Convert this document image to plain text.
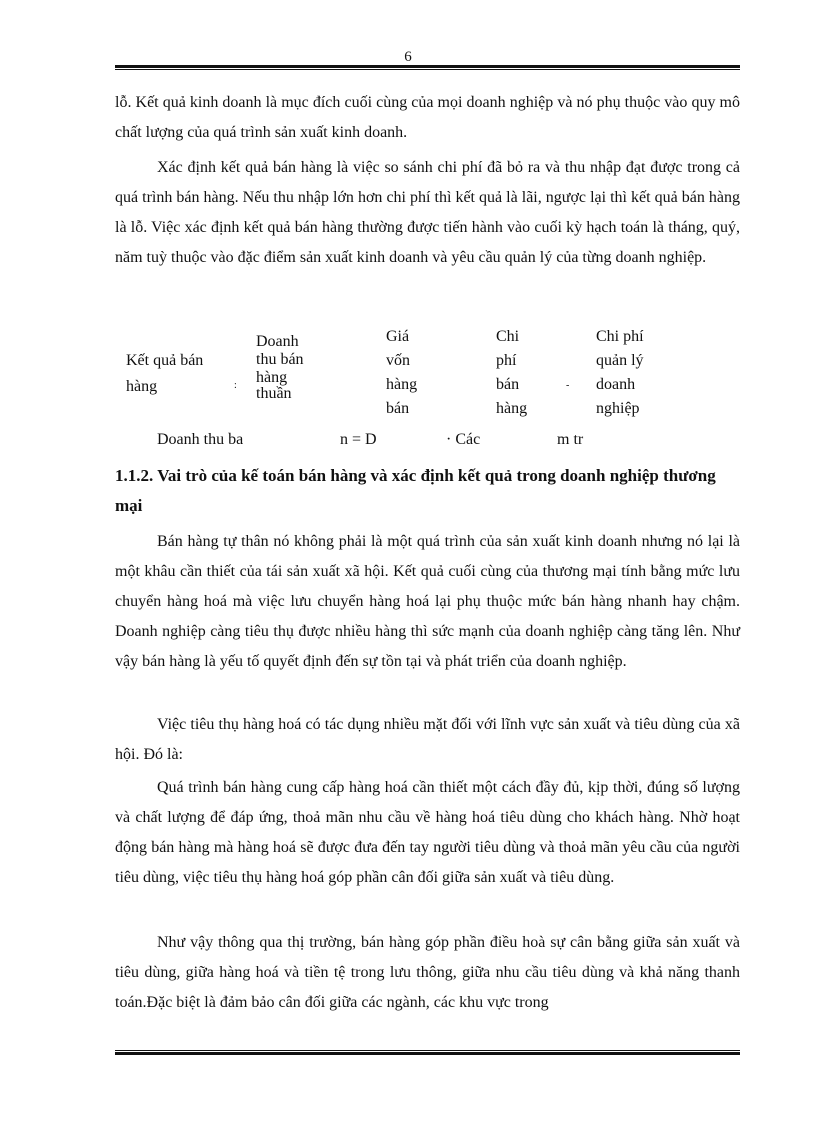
6
lỗ. Kết quả kinh doanh là mục đích cuối cùng của mọi doanh nghiệp và nó phụ thuộc vào quy mô chất lượng của quá trình sản xuất kinh doanh.
Xác định kết quả bán hàng là việc so sánh chi phí đã bỏ ra và thu nhập đạt được trong cả quá trình bán hàng. Nếu thu nhập lớn hơn chi phí thì kết quả là lãi, ngược lại thì kết quả bán hàng là lỗ. Việc xác định kết quả bán hàng thường được tiến hành vào cuối kỳ hạch toán là tháng, quý, năm tuỳ thuộc vào đặc điểm sản xuất kinh doanh và yêu cầu quản lý của từng doanh nghiệp.
Kết quả bán
hàng	:
Doanh
thu bán
hàng
thuần
Giá
vốn
hàng
bán
Chi
phí
bán
hàng
-
Chi phí
quản lý
doanh
nghiệp
Doanh thu ba	n = D	· Các	m tr
1.1.2. Vai trò của kế toán bán hàng và xác định kết quả trong doanh nghiệp thương mại
Bán hàng tự thân nó không phải là một quá trình của sản xuất kinh doanh nhưng nó lại là một khâu cần thiết của tái sản xuất xã hội. Kết quả cuối cùng của thương mại tính bằng mức lưu chuyển hàng hoá mà việc lưu chuyển hàng hoá lại phụ thuộc mức bán hàng nhanh hay chậm. Doanh nghiệp càng tiêu thụ được nhiều hàng thì sức mạnh của doanh nghiệp càng tăng lên. Như vậy bán hàng là yếu tố quyết định đến sự tồn tại và phát triển của doanh nghiệp.
Việc tiêu thụ hàng hoá có tác dụng nhiều mặt đối với lĩnh vực sản xuất và tiêu dùng của xã hội. Đó là:
Quá trình bán hàng cung cấp hàng hoá cần thiết một cách đầy đủ, kịp thời, đúng số lượng và chất lượng để đáp ứng, thoả mãn nhu cầu về hàng hoá tiêu dùng cho khách hàng. Nhờ hoạt động bán hàng mà hàng hoá sẽ được đưa đến tay người tiêu dùng và thoả mãn yêu cầu của người tiêu dùng, việc tiêu thụ hàng hoá góp phần cân đối giữa sản xuất và tiêu dùng.
Như vậy thông qua thị trường, bán hàng góp phần điều hoà sự cân bằng giữa sản xuất và tiêu dùng, giữa hàng hoá và tiền tệ trong lưu thông, giữa nhu cầu tiêu dùng và khả năng thanh toán.Đặc biệt là đảm bảo cân đối giữa các ngành, các khu vực trong
